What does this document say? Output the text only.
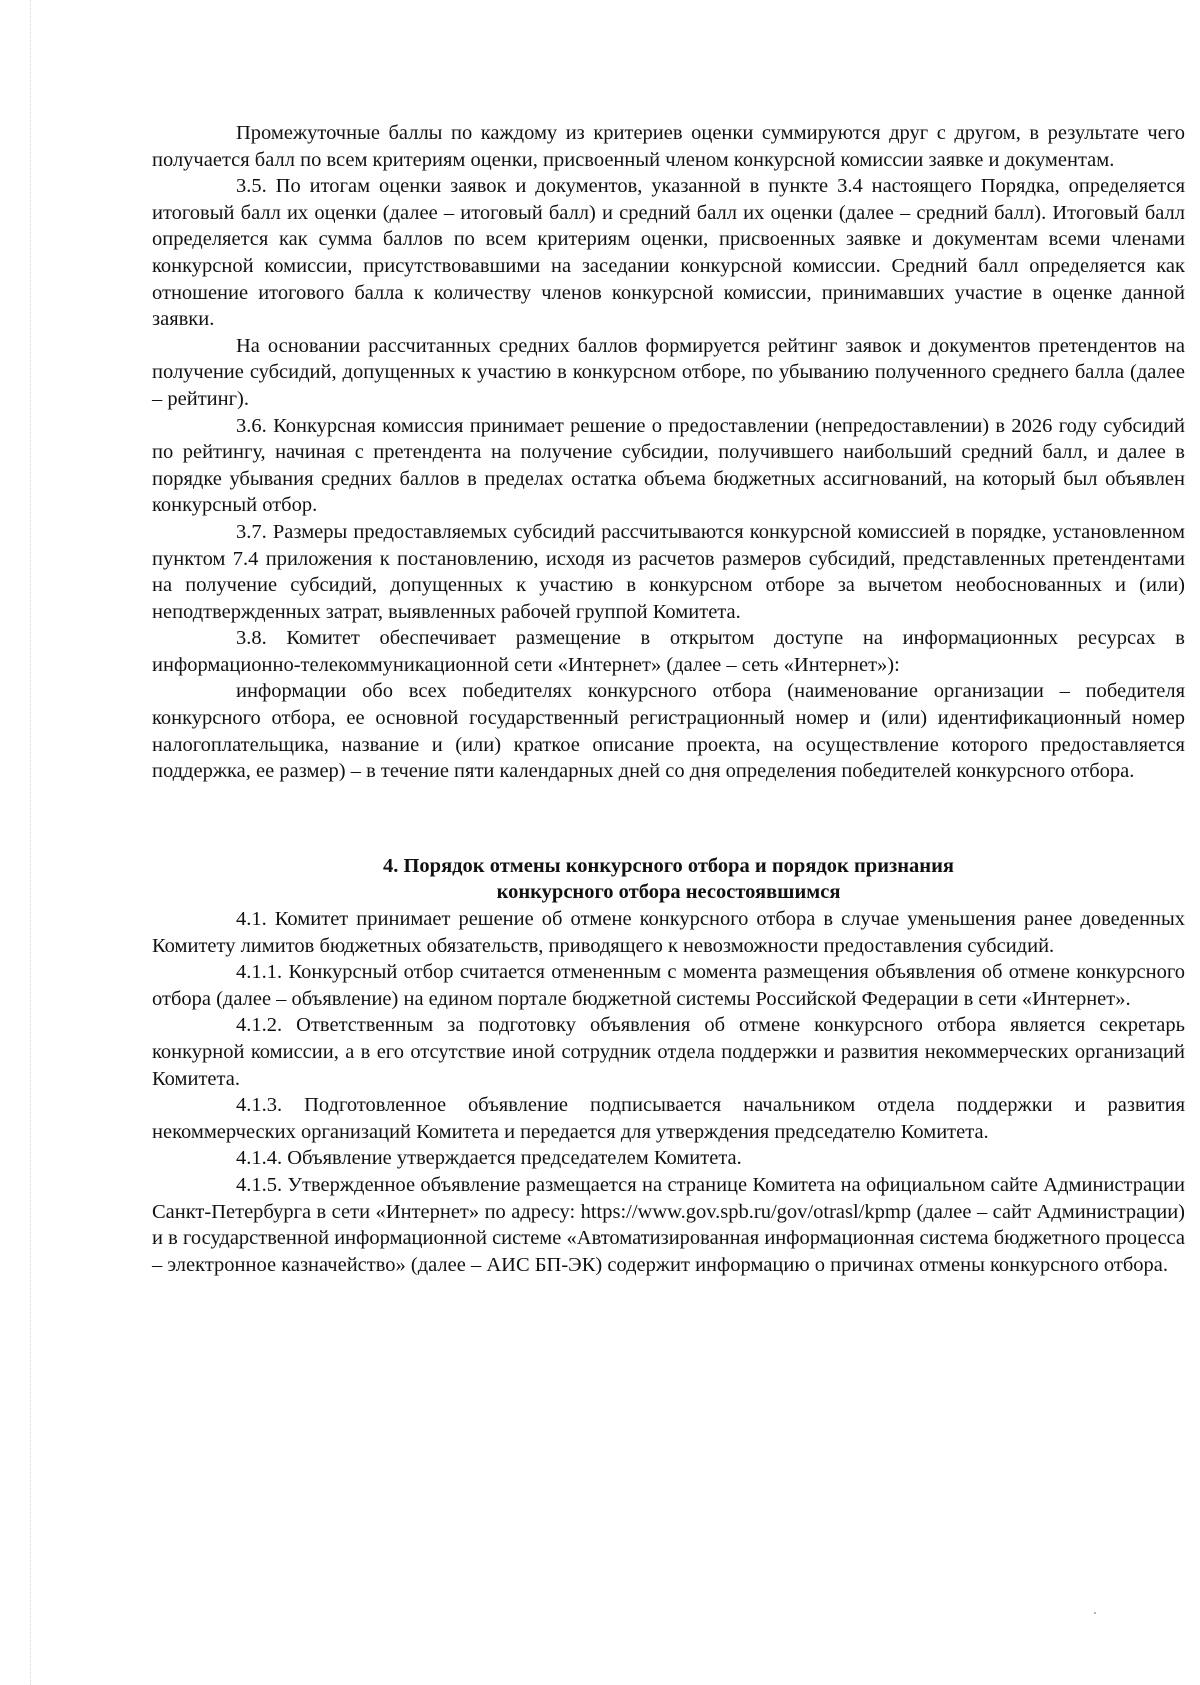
Промежуточные баллы по каждому из критериев оценки суммируются друг с другом, в результате чего получается балл по всем критериям оценки, присвоенный членом конкурсной комиссии заявке и документам.

3.5. По итогам оценки заявок и документов, указанной в пункте 3.4 настоящего Порядка, определяется итоговый балл их оценки (далее – итоговый балл) и средний балл их оценки (далее – средний балл). Итоговый балл определяется как сумма баллов по всем критериям оценки, присвоенных заявке и документам всеми членами конкурсной комиссии, присутствовавшими на заседании конкурсной комиссии. Средний балл определяется как отношение итогового балла к количеству членов конкурсной комиссии, принимавших участие в оценке данной заявки.

На основании рассчитанных средних баллов формируется рейтинг заявок и документов претендентов на получение субсидий, допущенных к участию в конкурсном отборе, по убыванию полученного среднего балла (далее – рейтинг).

3.6. Конкурсная комиссия принимает решение о предоставлении (непредоставлении) в 2026 году субсидий по рейтингу, начиная с претендента на получение субсидии, получившего наибольший средний балл, и далее в порядке убывания средних баллов в пределах остатка объема бюджетных ассигнований, на который был объявлен конкурсный отбор.

3.7. Размеры предоставляемых субсидий рассчитываются конкурсной комиссией в порядке, установленном пунктом 7.4 приложения к постановлению, исходя из расчетов размеров субсидий, представленных претендентами на получение субсидий, допущенных к участию в конкурсном отборе за вычетом необоснованных и (или) неподтвержденных затрат, выявленных рабочей группой Комитета.

3.8. Комитет обеспечивает размещение в открытом доступе на информационных ресурсах в информационно-телекоммуникационной сети «Интернет» (далее – сеть «Интернет»):

информации обо всех победителях конкурсного отбора (наименование организации – победителя конкурсного отбора, ее основной государственный регистрационный номер и (или) идентификационный номер налогоплательщика, название и (или) краткое описание проекта, на осуществление которого предоставляется поддержка, ее размер) – в течение пяти календарных дней со дня определения победителей конкурсного отбора.

4. Порядок отмены конкурсного отбора и порядок признания
конкурсного отбора несостоявшимся

4.1. Комитет принимает решение об отмене конкурсного отбора в случае уменьшения ранее доведенных Комитету лимитов бюджетных обязательств, приводящего к невозможности предоставления субсидий.

4.1.1. Конкурсный отбор считается отмененным с момента размещения объявления об отмене конкурсного отбора (далее – объявление) на едином портале бюджетной системы Российской Федерации в сети «Интернет».

4.1.2. Ответственным за подготовку объявления об отмене конкурсного отбора является секретарь конкурной комиссии, а в его отсутствие иной сотрудник отдела поддержки и развития некоммерческих организаций Комитета.

4.1.3. Подготовленное объявление подписывается начальником отдела поддержки и развития некоммерческих организаций Комитета и передается для утверждения председателю Комитета.

4.1.4. Объявление утверждается председателем Комитета.

4.1.5. Утвержденное объявление размещается на странице Комитета на официальном сайте Администрации Санкт-Петербурга в сети «Интернет» по адресу: https://www.gov.spb.ru/gov/otrasl/kpmp (далее – сайт Администрации) и в государственной информационной системе «Автоматизированная информационная система бюджетного процесса – электронное казначейство» (далее – АИС БП-ЭК) содержит информацию о причинах отмены конкурсного отбора.
